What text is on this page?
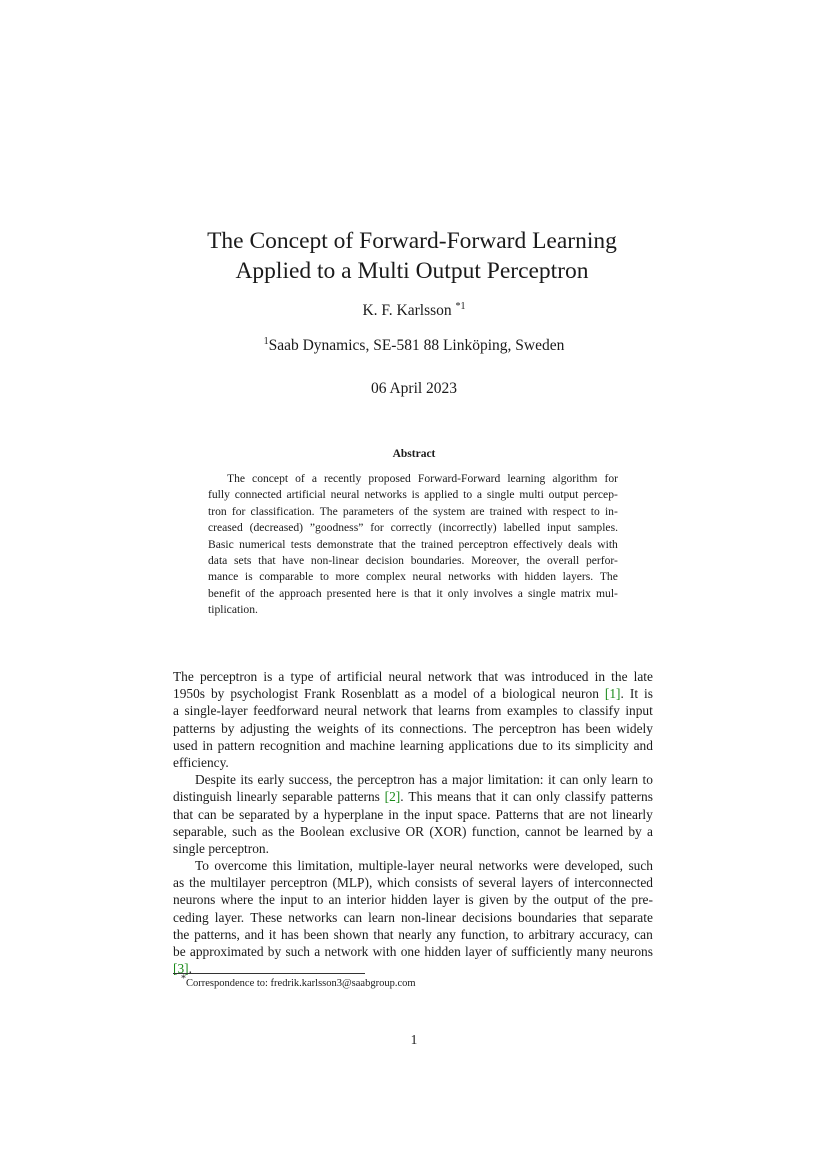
The Concept of Forward-Forward Learning
Applied to a Multi Output Perceptron
K. F. Karlsson $^{*1}$
$^1$Saab Dynamics, SE-581 88 Linköping, Sweden
06 April 2023
Abstract
The concept of a recently proposed Forward-Forward learning algorithm for
fully connected artificial neural networks is applied to a single multi output percep-
tron for classification. The parameters of the system are trained with respect to in-
creased (decreased) ”goodness” for correctly (incorrectly) labelled input samples.
Basic numerical tests demonstrate that the trained perceptron effectively deals with
data sets that have non-linear decision boundaries. Moreover, the overall perfor-
mance is comparable to more complex neural networks with hidden layers. The
benefit of the approach presented here is that it only involves a single matrix mul-
tiplication.
The perceptron is a type of artificial neural network that was introduced in the late
1950s by psychologist Frank Rosenblatt as a model of a biological neuron [1]. It is
a single-layer feedforward neural network that learns from examples to classify input
patterns by adjusting the weights of its connections. The perceptron has been widely
used in pattern recognition and machine learning applications due to its simplicity and
efficiency.
Despite its early success, the perceptron has a major limitation: it can only learn to
distinguish linearly separable patterns [2]. This means that it can only classify patterns
that can be separated by a hyperplane in the input space. Patterns that are not linearly
separable, such as the Boolean exclusive OR (XOR) function, cannot be learned by a
single perceptron.
To overcome this limitation, multiple-layer neural networks were developed, such
as the multilayer perceptron (MLP), which consists of several layers of interconnected
neurons where the input to an interior hidden layer is given by the output of the pre-
ceding layer. These networks can learn non-linear decisions boundaries that separate
the patterns, and it has been shown that nearly any function, to arbitrary accuracy, can
be approximated by such a network with one hidden layer of sufficiently many neurons
[3].
*Correspondence to: fredrik.karlsson3@saabgroup.com
1
